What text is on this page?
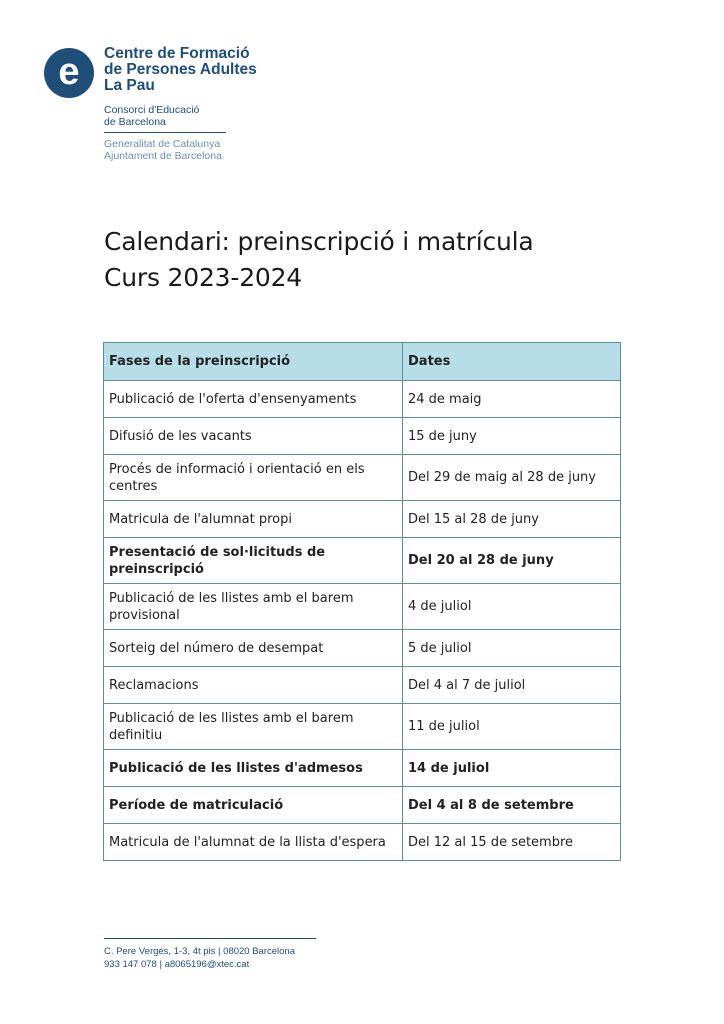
e Centre de Formació
de Persones Adultes
La Pau
Consorci d'Educació
de Barcelona
Generalitat de Catalunya
Ajuntament de Barcelona
Calendari: preinscripció i matrícula
Curs 2023-2024
Fases de la preinscripció	Dates
Publicació de l'oferta d'ensenyaments	24 de maig
Difusió de les vacants	15 de juny
Procés de informació i orientació en els centres	Del 29 de maig al 28 de juny
Matricula de l'alumnat propi	Del 15 al 28 de juny
Presentació de sol·licituds de preinscripció	Del 20 al 28 de juny
Publicació de les llistes amb el barem provisional	4 de juliol
Sorteig del número de desempat	5 de juliol
Reclamacions	Del 4 al 7 de juliol
Publicació de les llistes amb el barem definitiu	11 de juliol
Publicació de les llistes d'admesos	14 de juliol
Període de matriculació	Del 4 al 8 de setembre
Matricula de l'alumnat de la llista d'espera	Del 12 al 15 de setembre
C. Pere Vergés, 1-3, 4t pis | 08020 Barcelona
933 147 078 | a8065196@xtec.cat
